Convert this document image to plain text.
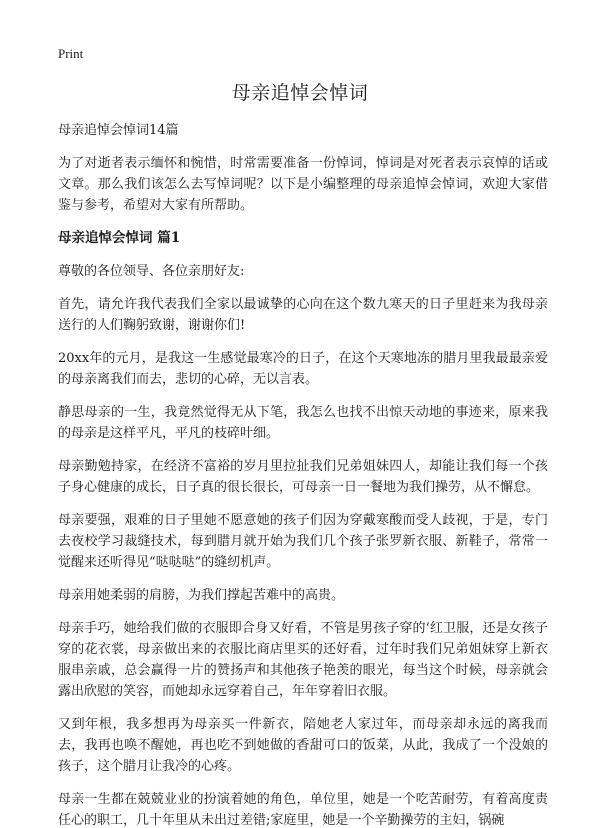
Print
母亲追悼会悼词

母亲追悼会悼词14篇

为了对逝者表示缅怀和惋惜，时常需要准备一份悼词，悼词是对死者表示哀悼的话或文章。那么我们该怎么去写悼词呢？以下是小编整理的母亲追悼会悼词，欢迎大家借鉴与参考，希望对大家有所帮助。

母亲追悼会悼词 篇1

尊敬的各位领导、各位亲朋好友:

首先，请允许我代表我们全家以最诚挚的心向在这个数九寒天的日子里赶来为我母亲送行的人们鞠躬致谢，谢谢你们!

20xx年的元月，是我这一生感觉最寒冷的日子，在这个天寒地冻的腊月里我最最亲爱的母亲离我们而去，悲切的心碎，无以言表。

静思母亲的一生，我竟然觉得无从下笔，我怎么也找不出惊天动地的事迹来，原来我的母亲是这样平凡，平凡的枝碎叶细。

母亲勤勉持家，在经济不富裕的岁月里拉扯我们兄弟姐妹四人，却能让我们每一个孩子身心健康的成长，日子真的很长很长，可母亲一日一餐地为我们操劳，从不懈怠。

母亲要强，艰难的日子里她不愿意她的孩子们因为穿戴寒酸而受人歧视，于是，专门去夜校学习裁缝技术，每到腊月就开始为我们几个孩子张罗新衣服、新鞋子，常常一觉醒来还听得见“哒哒哒”的缝纫机声。

母亲用她柔弱的肩膀，为我们撑起苦难中的高贵。

母亲手巧，她给我们做的衣服即合身又好看，不管是男孩子穿的‘红卫服，还是女孩子穿的花衣裳，母亲做出来的衣服比商店里买的还好看，过年时我们兄弟姐妹穿上新衣服串亲戚，总会赢得一片的赞扬声和其他孩子艳羡的眼光，每当这个时候，母亲就会露出欣慰的笑容，而她却永远穿着自己，年年穿着旧衣服。

又到年根，我多想再为母亲买一件新衣，陪她老人家过年，而母亲却永远的离我而去，我再也唤不醒她，再也吃不到她做的香甜可口的饭菜，从此，我成了一个没娘的孩子，这个腊月让我冷的心疼。

母亲一生都在兢兢业业的扮演着她的角色，单位里，她是一个吃苦耐劳，有着高度责任心的职工，几十年里从未出过差错;家庭里，她是一个辛勤操劳的主妇，锅碗
